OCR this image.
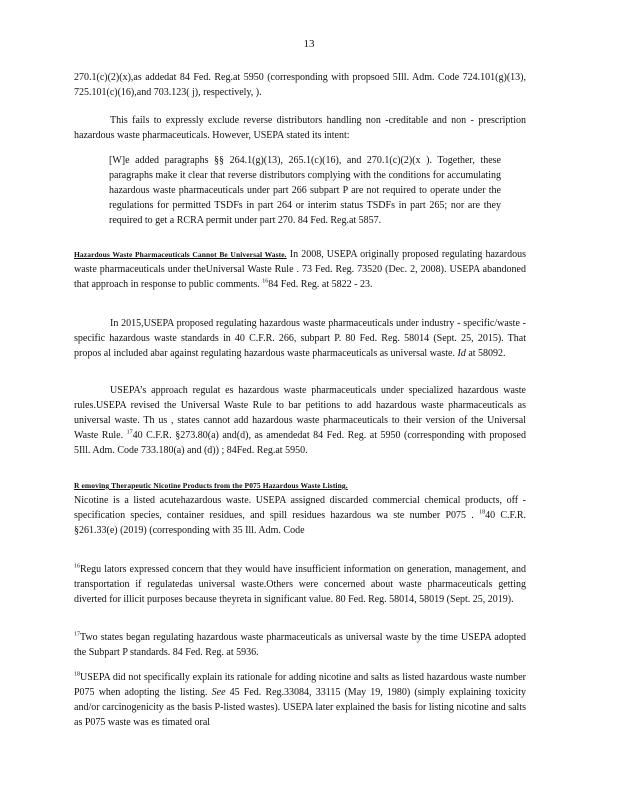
13

270.1(c)(2)(x),as addedat 84 Fed. Reg.at 5950 (corresponding with propsoed 5Ill. Adm. Code 724.101(g)(13), 725.101(c)(16),and 703.123( j), respectively, ).

This fails to expressly exclude reverse distributors handling non -creditable and non - prescription hazardous waste pharmaceuticals. However, USEPA stated its intent:

[W]e added paragraphs §§ 264.1(g)(13), 265.1(c)(16), and 270.1(c)(2)(x ). Together, these paragraphs make it clear that reverse distributors complying with the conditions for accumulating hazardous waste pharmaceuticals under part 266 subpart P are not required to operate under the regulations for permitted TSDFs in part 264 or interim status TSDFs in part 265; nor are they required to get a RCRA permit under part 270. 84 Fed. Reg.at 5857.

Hazardous Waste Pharmaceuticals Cannot Be Universal Waste. In 2008, USEPA originally proposed regulating hazardous waste pharmaceuticals under theUniversal Waste Rule . 73 Fed. Reg. 73520 (Dec. 2, 2008). USEPA abandoned that approach in response to public comments. $^{16}$84 Fed. Reg. at 5822 - 23.

In 2015,USEPA proposed regulating hazardous waste pharmaceuticals under industry - specific/waste -specific hazardous waste standards in 40 C.F.R. 266, subpart P. 80 Fed. Reg. 58014 (Sept. 25, 2015). That propos al included abar against regulating hazardous waste pharmaceuticals as universal waste. Id at 58092.

USEPA’s approach regulat es hazardous waste pharmaceuticals under specialized hazardous waste rules.USEPA revised the Universal Waste Rule to bar petitions to add hazardous waste pharmaceuticals as universal waste. Th us , states cannot add hazardous waste pharmaceuticals to their version of the Universal Waste Rule. $^{17}$40 C.F.R. §273.80(a) and(d), as amendedat 84 Fed. Reg. at 5950 (corresponding with proposed 5Ill. Adm. Code 733.180(a) and (d)) ; 84Fed. Reg.at 5950.

R emoving Therapeutic Nicotine Products from the P075 Hazardous Waste Listing.
Nicotine is a listed acutehazardous waste. USEPA assigned discarded commercial chemical products, off -specification species, container residues, and spill residues hazardous wa ste number P075 . $^{18}$40 C.F.R. §261.33(e) (2019) (corresponding with 35 Ill. Adm. Code

$^{16}$Regu lators expressed concern that they would have insufficient information on generation, management, and transportation if regulatedas universal waste.Others were concerned about waste pharmaceuticals getting diverted for illicit purposes because theyreta in significant value. 80 Fed. Reg. 58014, 58019 (Sept. 25, 2019).

$^{17}$Two states began regulating hazardous waste pharmaceuticals as universal waste by the time USEPA adopted the Subpart P standards. 84 Fed. Reg. at 5936.

$^{18}$USEPA did not specifically explain its rationale for adding nicotine and salts as listed hazardous waste number P075 when adopting the listing. See 45 Fed. Reg.33084, 33115 (May 19, 1980) (simply explaining toxicity and/or carcinogenicity as the basis P-listed wastes). USEPA later explained the basis for listing nicotine and salts as P075 waste was es timated oral
